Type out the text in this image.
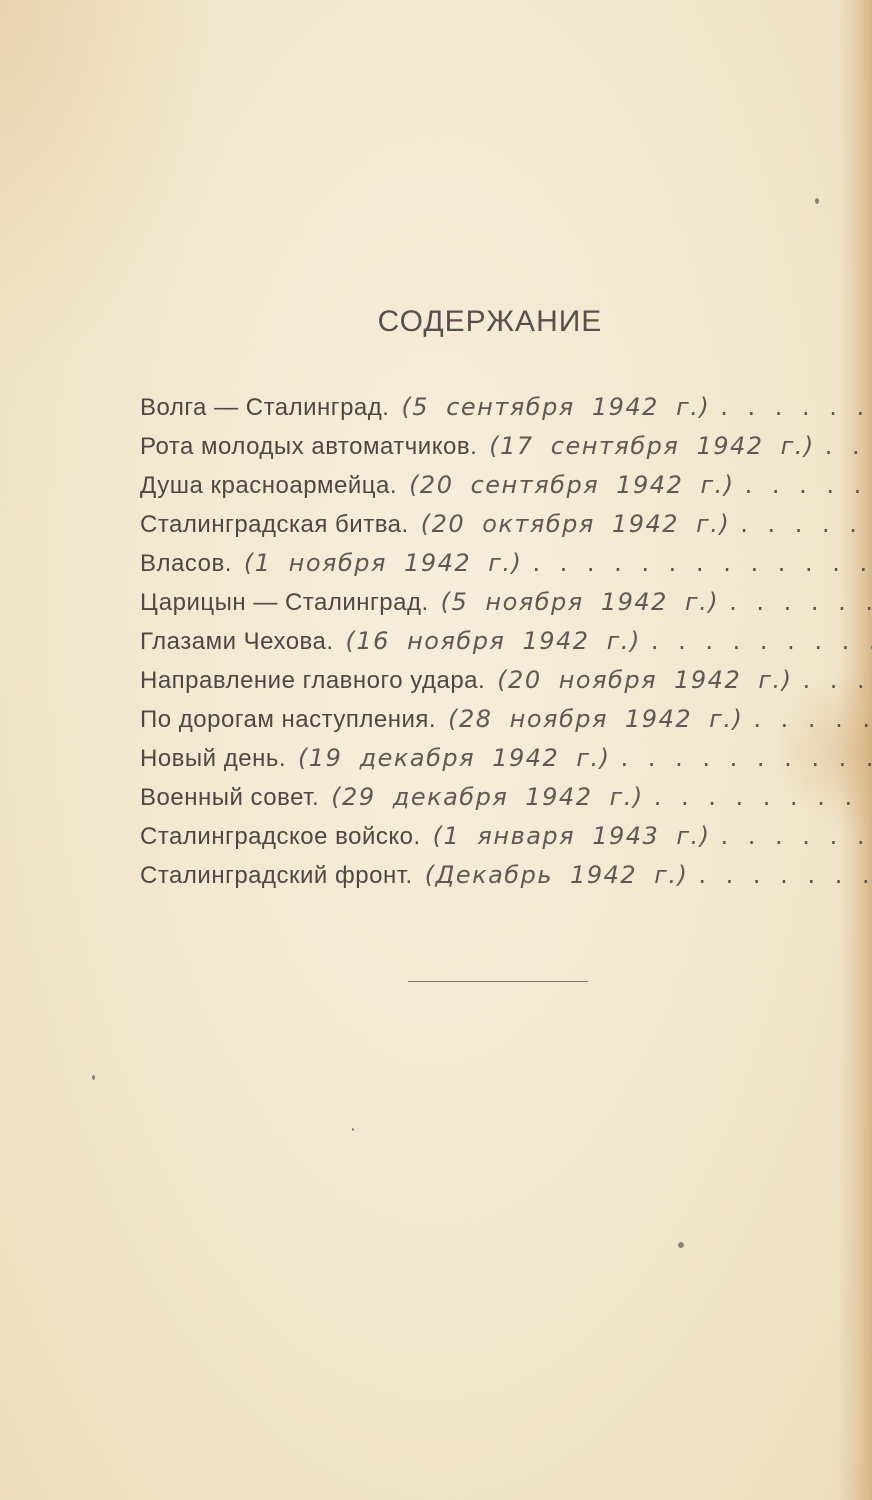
СОДЕРЖАНИЕ
Волга — Сталинград. (5 сентября 1942 г.)
. . .
Рота молодых автоматчиков. (17 сентября 1942 г.)
. . .
Душа красноармейца. (20 сентября 1942 г.)
. . .
Сталинградская битва. (20 октября 1942 г.)
. . .
Власов. (1 ноября 1942 г.)
. . .
Царицын — Сталинград. (5 ноября 1942 г.)
. . .
Глазами Чехова. (16 ноября 1942 г.)
. . .
Направление главного удара. (20 ноября 1942 г.)
. . .
По дорогам наступления. (28 ноября 1942 г.)
. . .
Новый день. (19 декабря 1942 г.)
. . .
Военный совет. (29 декабря 1942 г.)
. . .
Сталинградское войско. (1 января 1943 г.)
. . .
Сталинградский фронт. (Декабрь 1942 г.)
. . .
